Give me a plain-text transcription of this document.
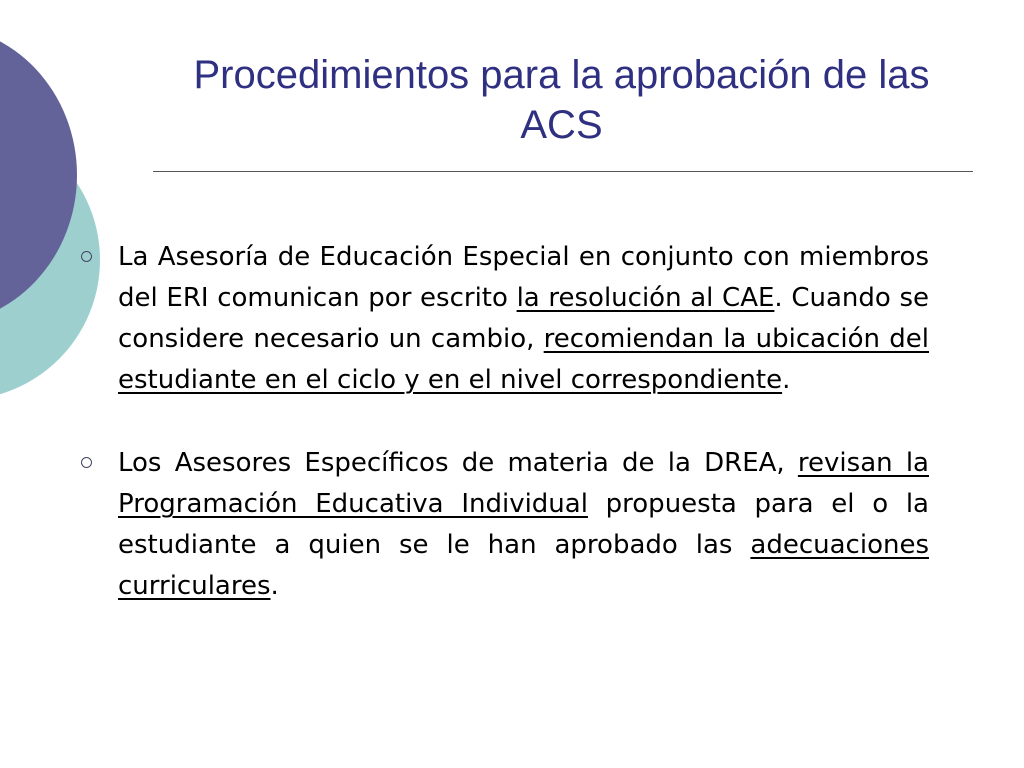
Procedimientos para la aprobación de las ACS
La Asesoría de Educación Especial en conjunto con miembros del ERI comunican por escrito la resolución al CAE. Cuando se considere necesario un cambio, recomiendan la ubicación del estudiante en el ciclo y en el nivel correspondiente.
Los Asesores Específicos de materia de la DREA, revisan la Programación Educativa Individual propuesta para el o la estudiante a quien se le han aprobado las adecuaciones curriculares.
